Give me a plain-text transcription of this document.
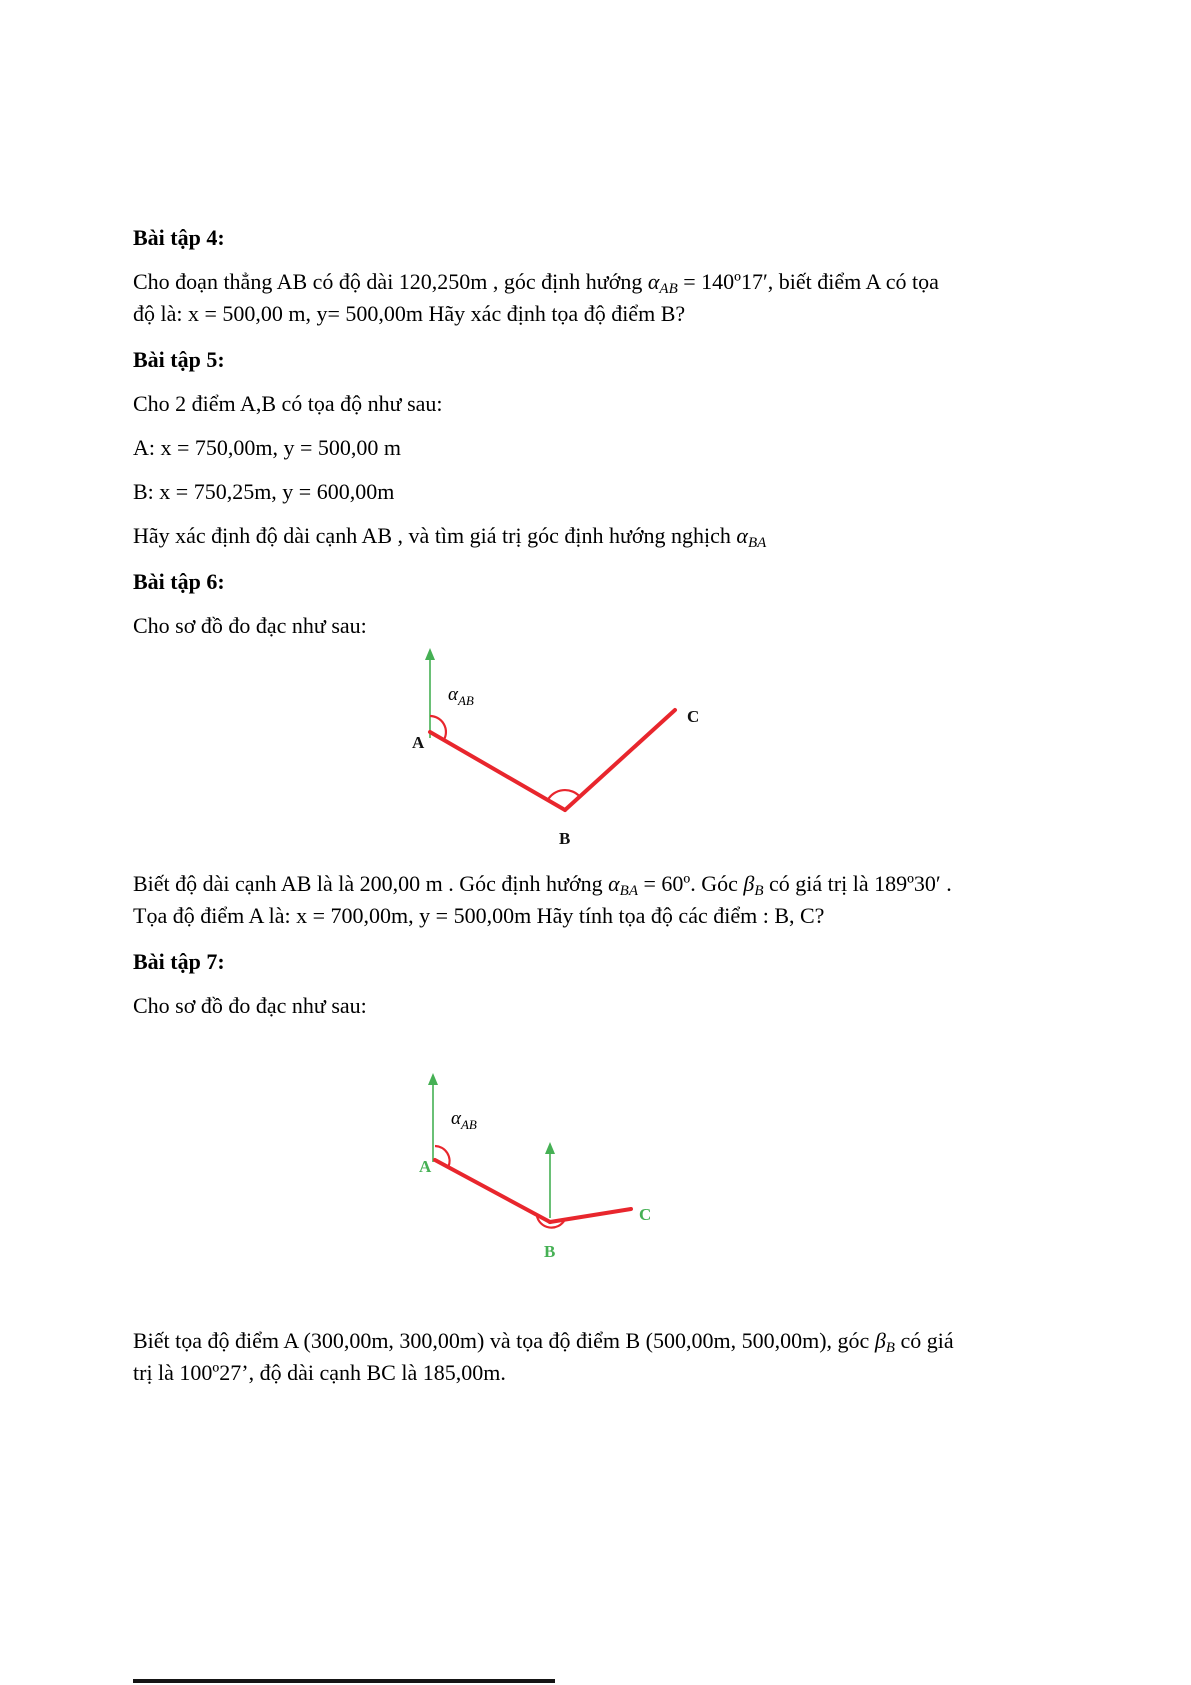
Bài tập 4:

Cho đoạn thẳng AB có độ dài 120,250m , góc định hướng $\alpha_{AB}$ = 140º17′, biết điểm A có tọa độ là: x = 500,00 m, y= 500,00m Hãy xác định tọa độ điểm B?

Bài tập 5:

Cho 2 điểm A,B có tọa độ như sau:

A: x = 750,00m, y = 500,00 m

B: x = 750,25m, y = 600,00m

Hãy xác định độ dài cạnh AB , và tìm giá trị góc định hướng nghịch $\alpha_{BA}$

Bài tập 6:

Cho sơ đồ đo đạc như sau:

$\alpha_{AB}$
A
B
C

Biết độ dài cạnh AB là là 200,00 m . Góc định hướng $\alpha_{BA}$ = 60º. Góc $\beta_B$ có giá trị là 189º30′ . Tọa độ điểm A là: x = 700,00m, y = 500,00m Hãy tính tọa độ các điểm : B, C?

Bài tập 7:

Cho sơ đồ đo đạc như sau:

$\alpha_{AB}$
A
B
C

Biết tọa độ điểm A (300,00m, 300,00m) và tọa độ điểm B (500,00m, 500,00m), góc $\beta_B$ có giá trị là 100º27’, độ dài cạnh BC là 185,00m.
